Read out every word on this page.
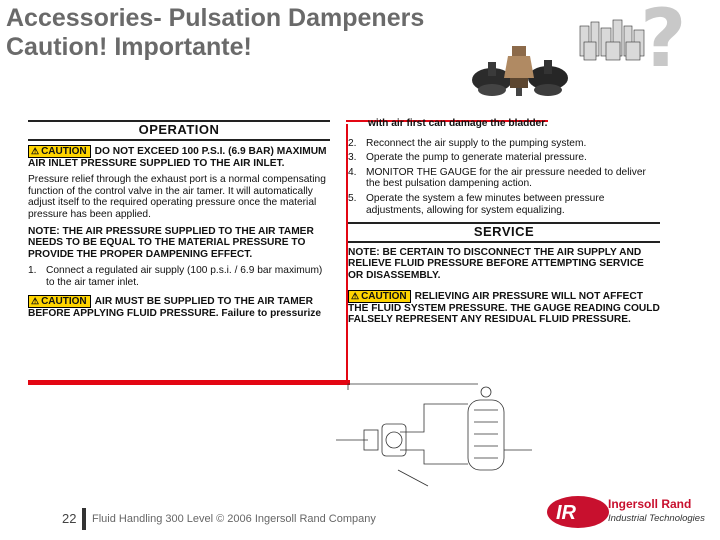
Accessories- Pulsation Dampeners
Caution! Importante!	?
OPERATION
⚠ CAUTION DO NOT EXCEED 100 P.S.I. (6.9 BAR) MAXIMUM AIR INLET PRESSURE SUPPLIED TO THE AIR INLET.
Pressure relief through the exhaust port is a normal compensating function of the control valve in the air tamer. It will automatically adjust itself to the required operating pressure once the material pressure has been applied.
NOTE: THE AIR PRESSURE SUPPLIED TO THE AIR TAMER NEEDS TO BE EQUAL TO THE MATERIAL PRESSURE TO PROVIDE THE PROPER DAMPENING EFFECT.
1. Connect a regulated air supply (100 p.s.i. / 6.9 bar maximum) to the air tamer inlet.
⚠ CAUTION AIR MUST BE SUPPLIED TO THE AIR TAMER BEFORE APPLYING FLUID PRESSURE. Failure to pressurize
with air first can damage the bladder.
2. Reconnect the air supply to the pumping system.
3. Operate the pump to generate material pressure.
4. MONITOR THE GAUGE for the air pressure needed to deliver the best pulsation dampening action.
5. Operate the system a few minutes between pressure adjustments, allowing for system equalizing.
SERVICE
NOTE: BE CERTAIN TO DISCONNECT THE AIR SUPPLY AND RELIEVE FLUID PRESSURE BEFORE ATTEMPTING SERVICE OR DISASSEMBLY.
⚠ CAUTION RELIEVING AIR PRESSURE WILL NOT AFFECT THE FLUID SYSTEM PRESSURE. THE GAUGE READING COULD FALSELY REPRESENT ANY RESIDUAL FLUID PRESSURE.
22 Fluid Handling 300 Level © 2006 Ingersoll Rand Company	IR	Ingersoll Rand
Industrial Technologies
